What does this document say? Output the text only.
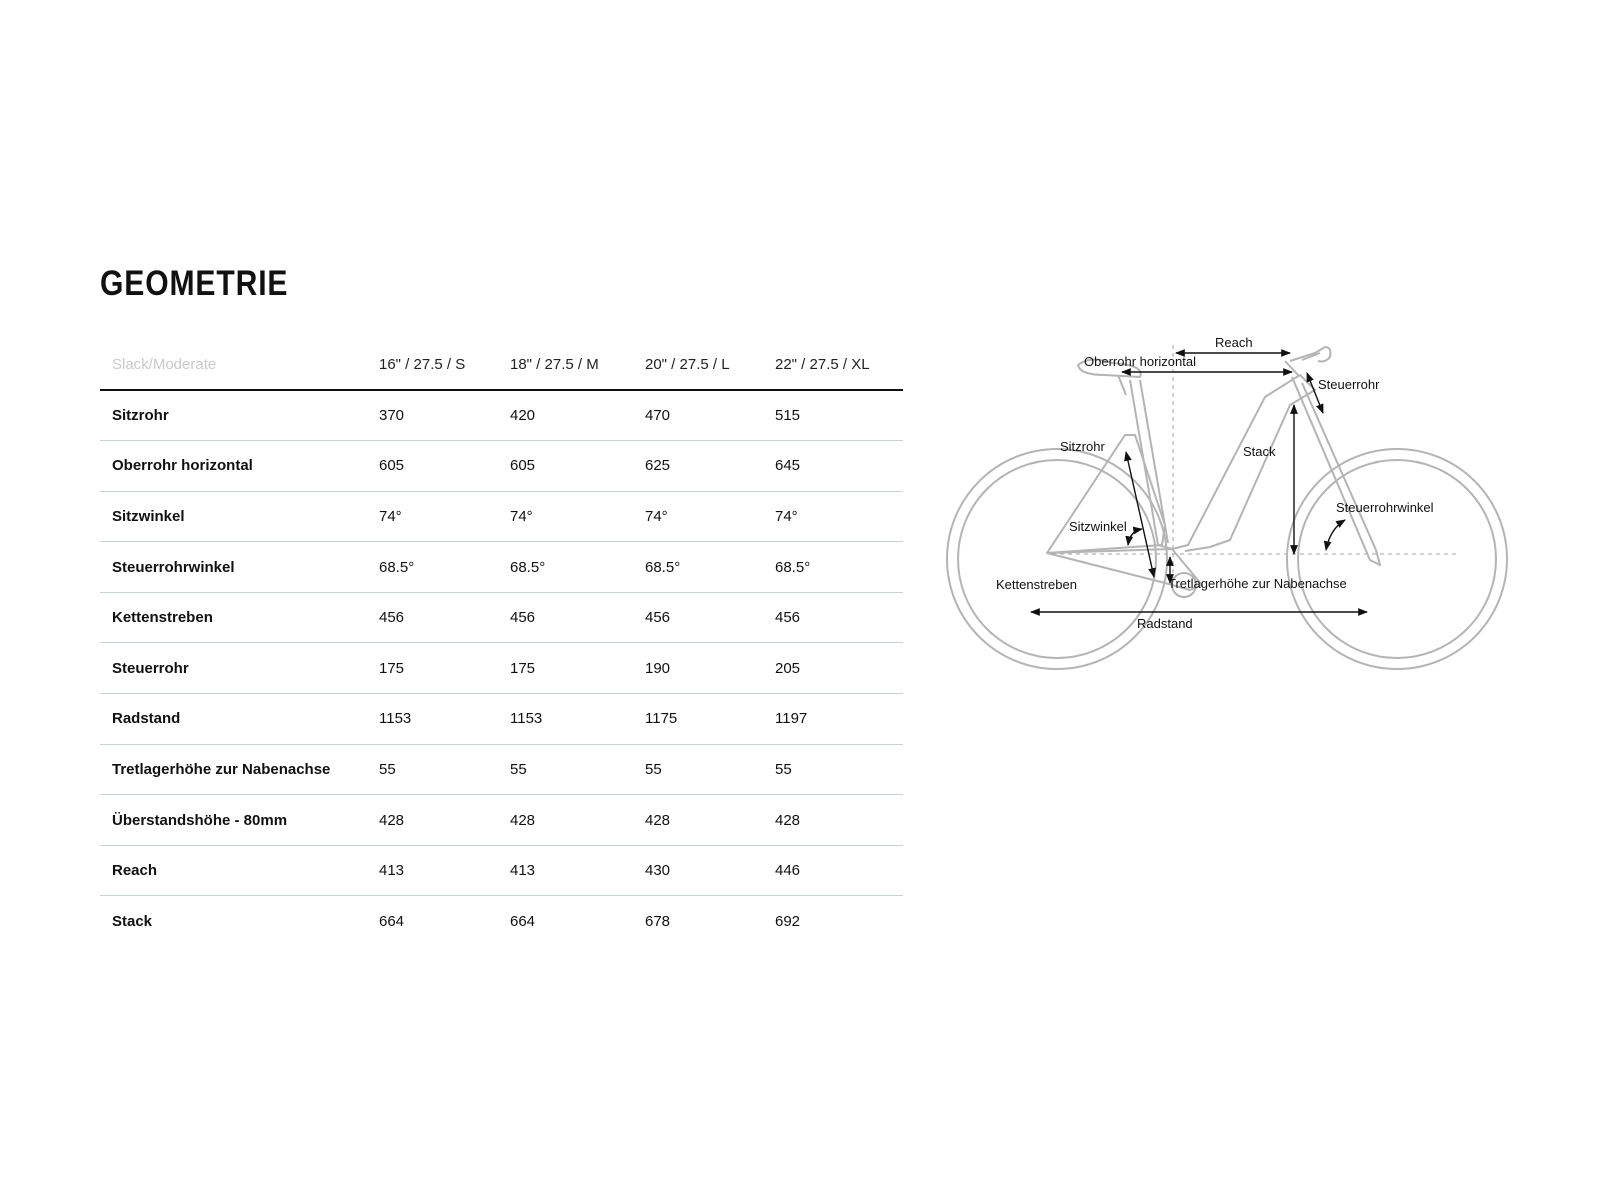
GEOMETRIE
Slack/Moderate	16" / 27.5 / S	18" / 27.5 / M	20" / 27.5 / L	22" / 27.5 / XL
Sitzrohr	370	420	470	515
Oberrohr horizontal	605	605	625	645
Sitzwinkel	74°	74°	74°	74°
Steuerrohrwinkel	68.5°	68.5°	68.5°	68.5°
Kettenstreben	456	456	456	456
Steuerrohr	175	175	190	205
Radstand	1153	1153	1175	1197
Tretlagerhöhe zur Nabenachse	55	55	55	55
Überstandshöhe - 80mm	428	428	428	428
Reach	413	413	430	446
Stack	664	664	678	692
Reach
Oberrohr horizontal
Steuerrohr
Sitzrohr	Stack
Sitzwinkel
Steuerrohrwinkel
Kettenstreben	Tretlagerhöhe zur Nabenachse
Radstand
